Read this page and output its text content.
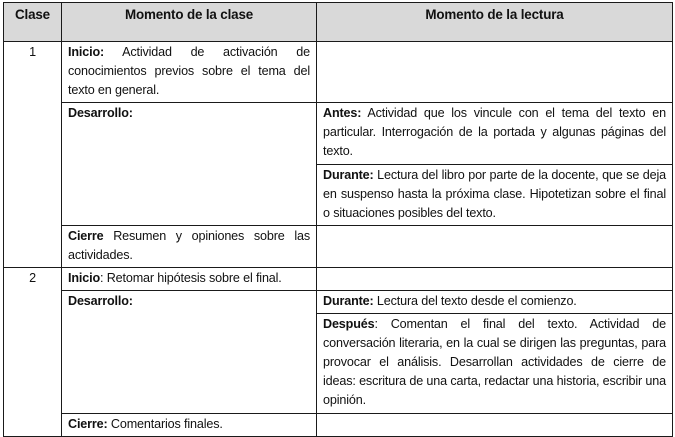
Clase	Momento de la clase	Momento de la lectura
1	Inicio: Actividad de activación de conocimientos previos sobre el tema del texto en general.	
	Desarrollo:	Antes: Actividad que los vincule con el tema del texto en particular. Interrogación de la portada y algunas páginas del texto.
		Durante: Lectura del libro por parte de la docente, que se deja en suspenso hasta la próxima clase. Hipotetizan sobre el final o situaciones posibles del texto.
	Cierre Resumen y opiniones sobre las actividades.	
2	Inicio: Retomar hipótesis sobre el final.	
	Desarrollo:	Durante: Lectura del texto desde el comienzo.
		Después: Comentan el final del texto. Actividad de conversación literaria, en la cual se dirigen las preguntas, para provocar el análisis. Desarrollan actividades de cierre de ideas: escritura de una carta, redactar una historia, escribir una opinión.
	Cierre: Comentarios finales.	
